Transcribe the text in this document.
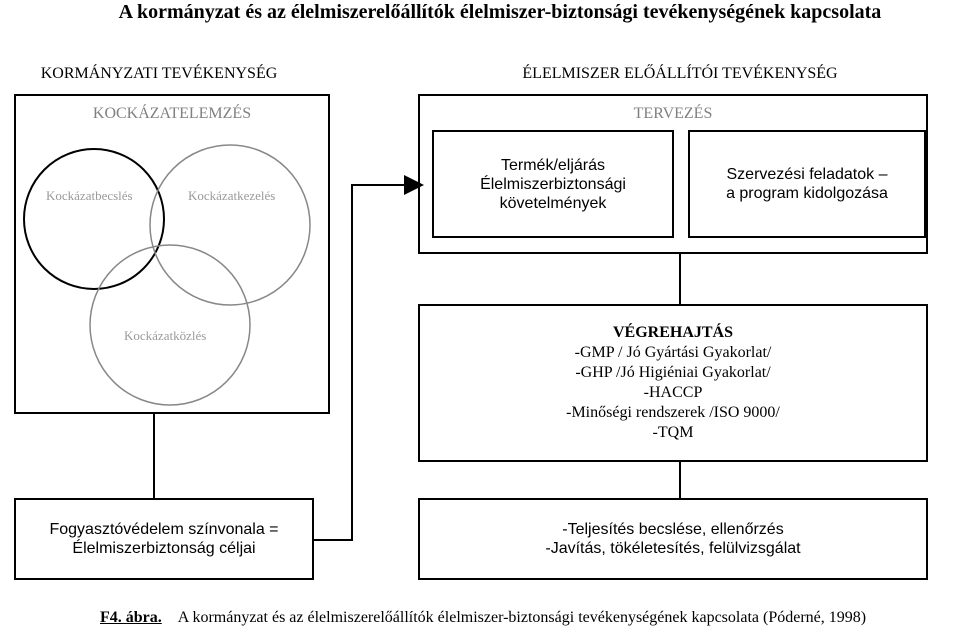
A kormányzat és az élelmiszerelőállítók élelmiszer-biztonsági tevékenységének kapcsolata
KORMÁNYZATI TEVÉKENYSÉG	ÉLELMISZER ELŐÁLLÍTÓI TEVÉKENYSÉG
KOCKÁZATELEMZÉS	TERVEZÉS
Kockázatbecslés	Kockázatkezelés
Kockázatközlés
Termék/eljárás
Élelmiszerbiztonsági
követelmények
Szervezési feladatok –
a program kidolgozása
VÉGREHAJTÁS
-GMP / Jó Gyártási Gyakorlat/
-GHP /Jó Higiéniai Gyakorlat/
-HACCP
-Minőségi rendszerek /ISO 9000/
-TQM
Fogyasztóvédelem színvonala =
Élelmiszerbiztonság céljai
-Teljesítés becslése, ellenőrzés
-Javítás, tökéletesítés, felülvizsgálat
F4. ábra. A kormányzat és az élelmiszerelőállítók élelmiszer-biztonsági tevékenységének kapcsolata (Póderné, 1998)
